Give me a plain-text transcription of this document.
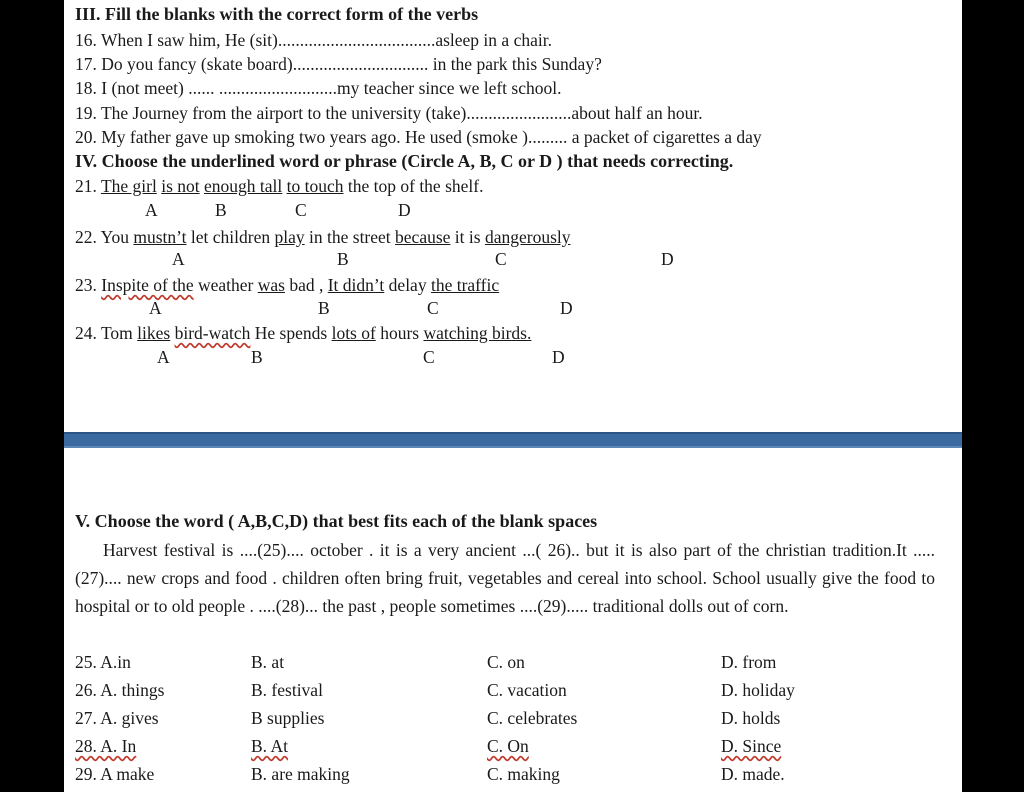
III. Fill the blanks with the correct form of the verbs
16. When I saw him, He (sit)....................................asleep in a chair.
17. Do you fancy (skate board)............................... in the park this Sunday?
18. I (not meet) ...... ...........................my teacher since we left school.
19. The Journey from the airport to the university (take)........................about half an hour.
20. My father gave up smoking two years ago. He used (smoke )......... a packet of cigarettes a day
IV. Choose the underlined word or phrase (Circle A, B, C or D ) that needs correcting.
21. The girl is not enough tall to touch the top of the shelf.
A	B	C	D
22. You mustn’t let children play in the street because it is dangerously
A	B	C	D
23. Inspite of the weather was bad , It didn’t delay the traffic
A	B	C	D
24. Tom likes bird-watch He spends lots of hours watching birds.
A	B	C	D
V. Choose the word ( A,B,C,D) that best fits each of the blank spaces

Harvest festival is ....(25).... october . it is a very ancient ...( 26).. but it is also part of the christian tradition.It .....(27).... new crops and food . children often bring fruit, vegetables and cereal into school. School usually give the food to hospital or to old people . ....(28)... the past , people sometimes ....(29)..... traditional dolls out of corn.

25. A.in	B. at	C. on	D. from
26. A. things	B. festival	C. vacation	D. holiday
27. A. gives	B supplies	C. celebrates	D. holds
28. A. In	B. At	C. On	D. Since
29. A make	B. are making	C. making	D. made.
